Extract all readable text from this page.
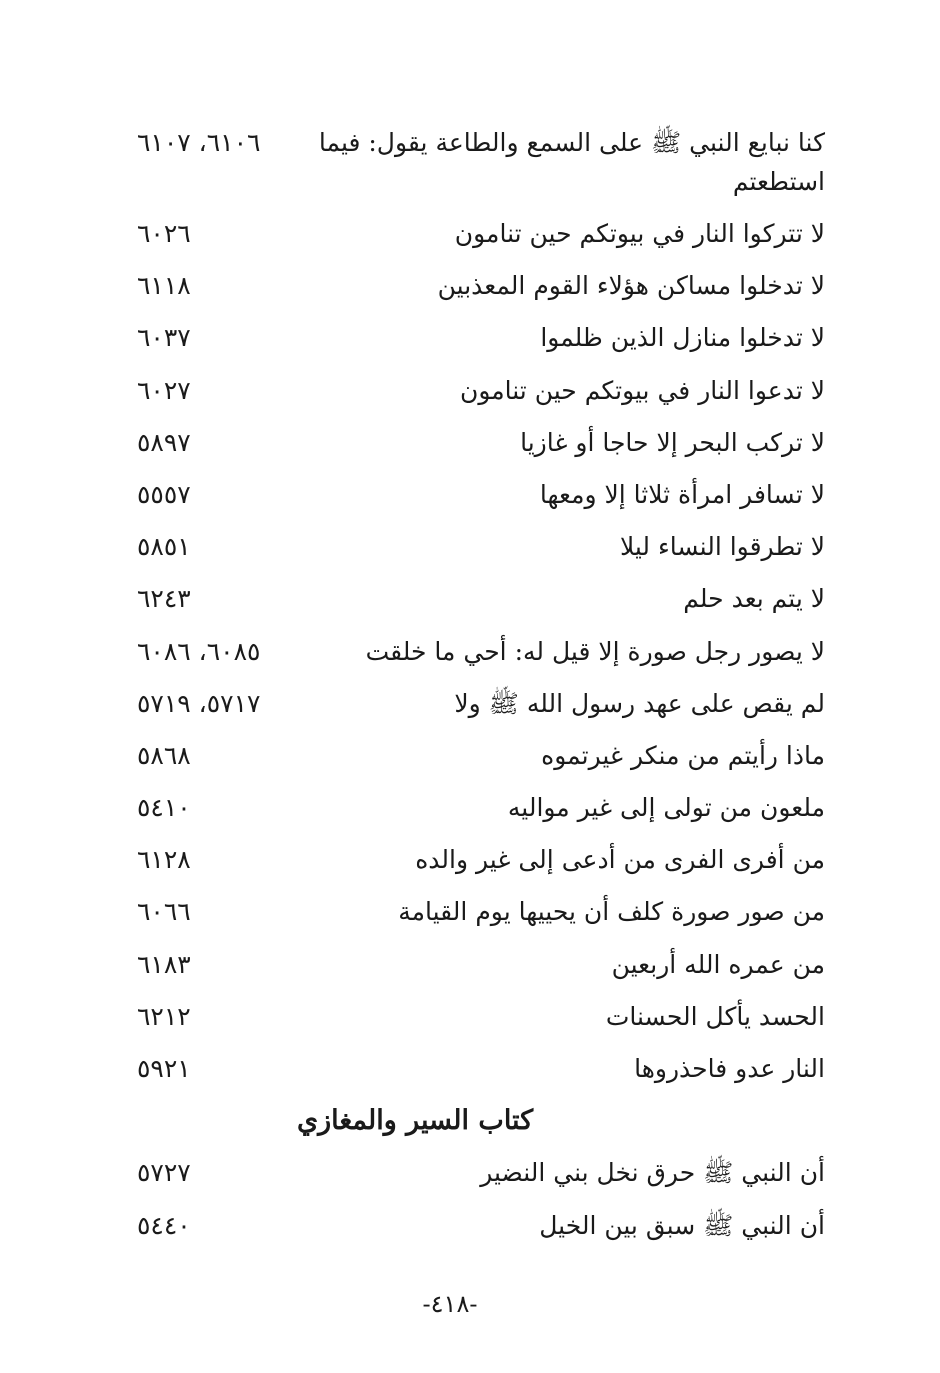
كنا نبايع النبي ﷺ على السمع والطاعة يقول: فيما
٦١٠٦، ٦١٠٧
استطعتم
لا تتركوا النار في بيوتكم حين تنامون
٦٠٢٦
لا تدخلوا مساكن هؤلاء القوم المعذبين
٦١١٨
لا تدخلوا منازل الذين ظلموا
٦٠٣٧
لا تدعوا النار في بيوتكم حين تنامون
٦٠٢٧
لا تركب البحر إلا حاجا أو غازيا
٥٨٩٧
لا تسافر امرأة ثلاثا إلا ومعها
٥٥٥٧
لا تطرقوا النساء ليلا
٥٨٥١
لا يتم بعد حلم
٦٢٤٣
لا يصور رجل صورة إلا قيل له: أحي ما خلقت
٦٠٨٥، ٦٠٨٦
لم يقص على عهد رسول الله ﷺ ولا
٥٧١٧، ٥٧١٩
ماذا رأيتم من منكر غيرتموه
٥٨٦٨
ملعون من تولى إلى غير مواليه
٥٤١٠
من أفرى الفرى من أدعى إلى غير والده
٦١٢٨
من صور صورة كلف أن يحييها يوم القيامة
٦٠٦٦
من عمره الله أربعين
٦١٨٣
الحسد يأكل الحسنات
٦٢١٢
النار عدو فاحذروها
٥٩٢١
كتاب السير والمغازي
أن النبي ﷺ حرق نخل بني النضير
٥٧٢٧
أن النبي ﷺ سبق بين الخيل
٥٤٤٠
-٤١٨-
